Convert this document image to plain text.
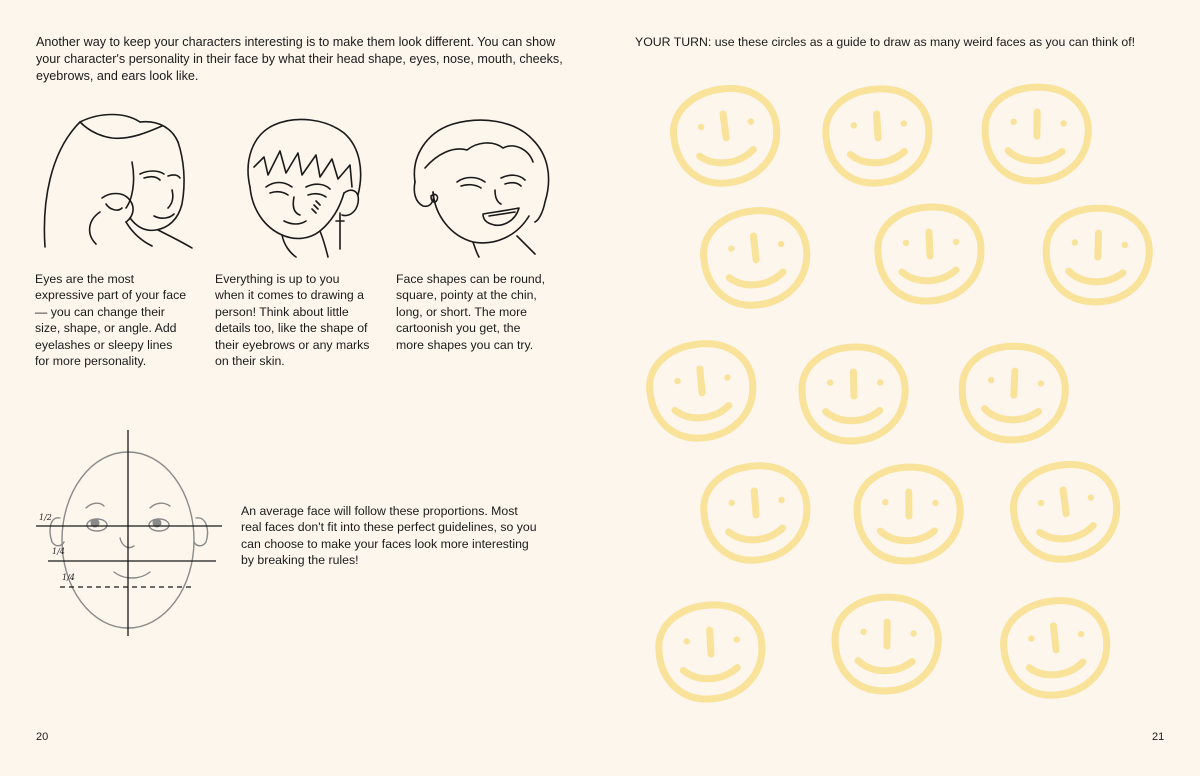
Another way to keep your characters interesting is to make them look different. You can show your character's personality in their face by what their head shape, eyes, nose, mouth, cheeks, eyebrows, and ears look like.

Eyes are the most expressive part of your face — you can change their size, shape, or angle. Add eyelashes or sleepy lines for more personality.

Everything is up to you when it comes to drawing a person! Think about little details too, like the shape of their eyebrows or any marks on their skin.

Face shapes can be round, square, pointy at the chin, long, or short. The more cartoonish you get, the more shapes you can try.

1/2
1/4
1/4

An average face will follow these proportions. Most real faces don't fit into these perfect guidelines, so you can choose to make your faces look more interesting by breaking the rules!

20

YOUR TURN: use these circles as a guide to draw as many weird faces as you can think of!

21
